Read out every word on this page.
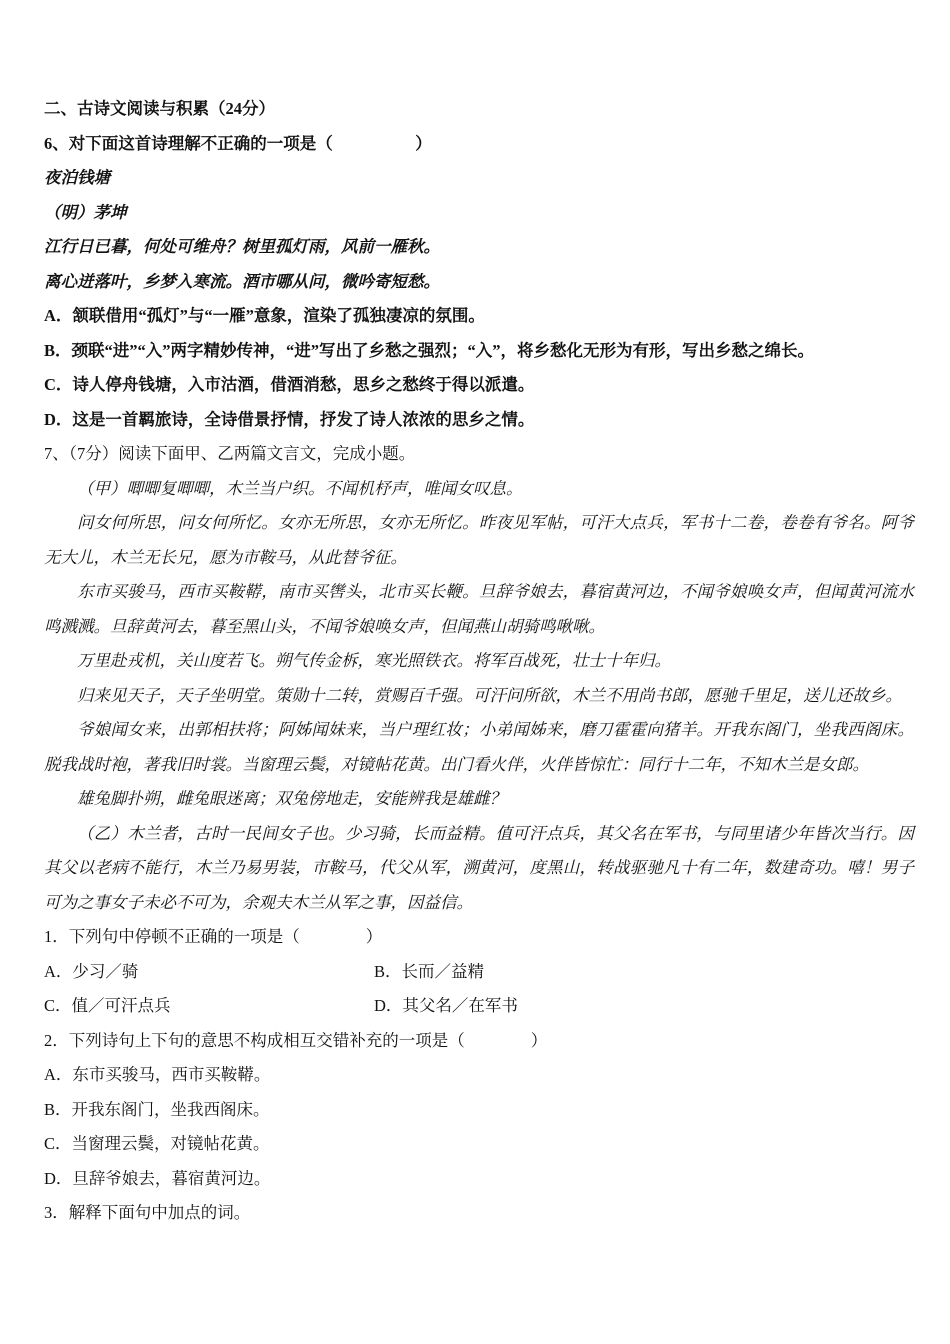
二、古诗文阅读与积累（24分）
6、对下面这首诗理解不正确的一项是（　　　　　）
夜泊钱塘
（明）茅坤
江行日已暮，何处可维舟？树里孤灯雨，风前一雁秋。
离心迸落叶，乡梦入寒流。酒市哪从问，微吟寄短愁。
A．颔联借用“孤灯”与“一雁”意象，渲染了孤独凄凉的氛围。
B．颈联“进”“入”两字精妙传神，“进”写出了乡愁之强烈；“入”，将乡愁化无形为有形，写出乡愁之绵长。
C．诗人停舟钱塘，入市沽酒，借酒消愁，思乡之愁终于得以派遣。
D．这是一首羁旅诗，全诗借景抒情，抒发了诗人浓浓的思乡之情。
7、（7分）阅读下面甲、乙两篇文言文，完成小题。

（甲）唧唧复唧唧，木兰当户织。不闻机杼声，唯闻女叹息。

问女何所思，问女何所忆。女亦无所思，女亦无所忆。昨夜见军帖，可汗大点兵，军书十二卷，卷卷有爷名。阿爷无大儿，木兰无长兄，愿为市鞍马，从此替爷征。

东市买骏马，西市买鞍鞯，南市买辔头，北市买长鞭。旦辞爷娘去，暮宿黄河边，不闻爷娘唤女声，但闻黄河流水鸣溅溅。旦辞黄河去，暮至黑山头，不闻爷娘唤女声，但闻燕山胡骑鸣啾啾。

万里赴戎机，关山度若飞。朔气传金柝，寒光照铁衣。将军百战死，壮士十年归。

归来见天子，天子坐明堂。策勋十二转，赏赐百千强。可汗问所欲，木兰不用尚书郎，愿驰千里足，送儿还故乡。

爷娘闻女来，出郭相扶将；阿姊闻妹来，当户理红妆；小弟闻姊来，磨刀霍霍向猪羊。开我东阁门，坐我西阁床。脱我战时袍，著我旧时裳。当窗理云鬓，对镜帖花黄。出门看火伴，火伴皆惊忙：同行十二年，不知木兰是女郎。

雄兔脚扑朔，雌兔眼迷离；双兔傍地走，安能辨我是雄雌？

（乙）木兰者，古时一民间女子也。少习骑，长而益精。值可汗点兵，其父名在军书，与同里诸少年皆次当行。因其父以老病不能行，木兰乃易男装，市鞍马，代父从军，溯黄河，度黑山，转战驱驰凡十有二年，数建奇功。嘻！男子可为之事女子未必不可为，余观夫木兰从军之事，因益信。

1．下列句中停顿不正确的一项是（　　　　）
A．少习／骑	B．长而／益精
C．值／可汗点兵	D．其父名／在军书
2．下列诗句上下句的意思不构成相互交错补充的一项是（　　　　）
A．东市买骏马，西市买鞍鞯。
B．开我东阁门，坐我西阁床。
C．当窗理云鬓，对镜帖花黄。
D．旦辞爷娘去，暮宿黄河边。
3．解释下面句中加点的词。
